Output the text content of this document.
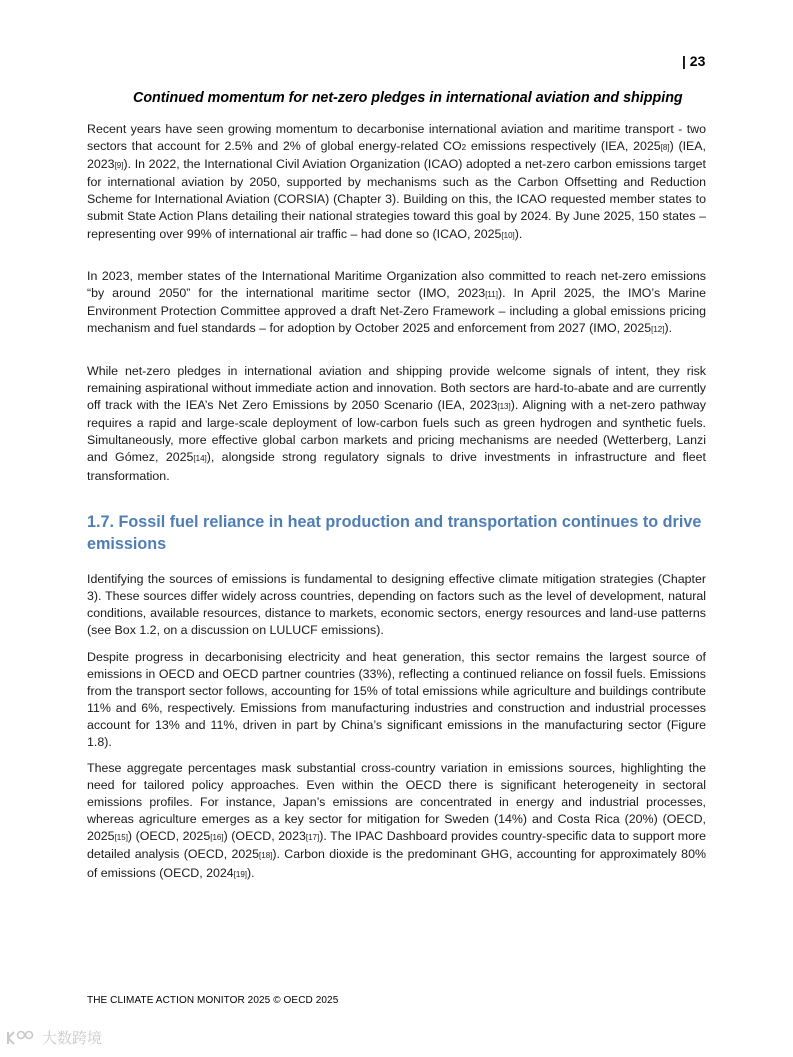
| 23
Continued momentum for net-zero pledges in international aviation and shipping

Recent years have seen growing momentum to decarbonise international aviation and maritime transport - two sectors that account for 2.5% and 2% of global energy-related CO2 emissions respectively (IEA, 2025[8]) (IEA, 2023[9]). In 2022, the International Civil Aviation Organization (ICAO) adopted a net-zero carbon emissions target for international aviation by 2050, supported by mechanisms such as the Carbon Offsetting and Reduction Scheme for International Aviation (CORSIA) (Chapter 3). Building on this, the ICAO requested member states to submit State Action Plans detailing their national strategies toward this goal by 2024. By June 2025, 150 states – representing over 99% of international air traffic – had done so (ICAO, 2025[10]).

In 2023, member states of the International Maritime Organization also committed to reach net-zero emissions “by around 2050” for the international maritime sector (IMO, 2023[11]). In April 2025, the IMO’s Marine Environment Protection Committee approved a draft Net-Zero Framework – including a global emissions pricing mechanism and fuel standards – for adoption by October 2025 and enforcement from 2027 (IMO, 2025[12]).

While net-zero pledges in international aviation and shipping provide welcome signals of intent, they risk remaining aspirational without immediate action and innovation. Both sectors are hard-to-abate and are currently off track with the IEA’s Net Zero Emissions by 2050 Scenario (IEA, 2023[13]). Aligning with a net-zero pathway requires a rapid and large-scale deployment of low-carbon fuels such as green hydrogen and synthetic fuels. Simultaneously, more effective global carbon markets and pricing mechanisms are needed (Wetterberg, Lanzi and Gómez, 2025[14]), alongside strong regulatory signals to drive investments in infrastructure and fleet transformation.

1.7. Fossil fuel reliance in heat production and transportation continues to drive emissions

Identifying the sources of emissions is fundamental to designing effective climate mitigation strategies (Chapter 3). These sources differ widely across countries, depending on factors such as the level of development, natural conditions, available resources, distance to markets, economic sectors, energy resources and land-use patterns (see Box 1.2, on a discussion on LULUCF emissions).

Despite progress in decarbonising electricity and heat generation, this sector remains the largest source of emissions in OECD and OECD partner countries (33%), reflecting a continued reliance on fossil fuels. Emissions from the transport sector follows, accounting for 15% of total emissions while agriculture and buildings contribute 11% and 6%, respectively. Emissions from manufacturing industries and construction and industrial processes account for 13% and 11%, driven in part by China’s significant emissions in the manufacturing sector (Figure 1.8).

These aggregate percentages mask substantial cross-country variation in emissions sources, highlighting the need for tailored policy approaches. Even within the OECD there is significant heterogeneity in sectoral emissions profiles. For instance, Japan’s emissions are concentrated in energy and industrial processes, whereas agriculture emerges as a key sector for mitigation for Sweden (14%) and Costa Rica (20%) (OECD, 2025[15]) (OECD, 2025[16]) (OECD, 2023[17]). The IPAC Dashboard provides country-specific data to support more detailed analysis (OECD, 2025[18]). Carbon dioxide is the predominant GHG, accounting for approximately 80% of emissions (OECD, 2024[19]).

THE CLIMATE ACTION MONITOR 2025 © OECD 2025
大数跨境
